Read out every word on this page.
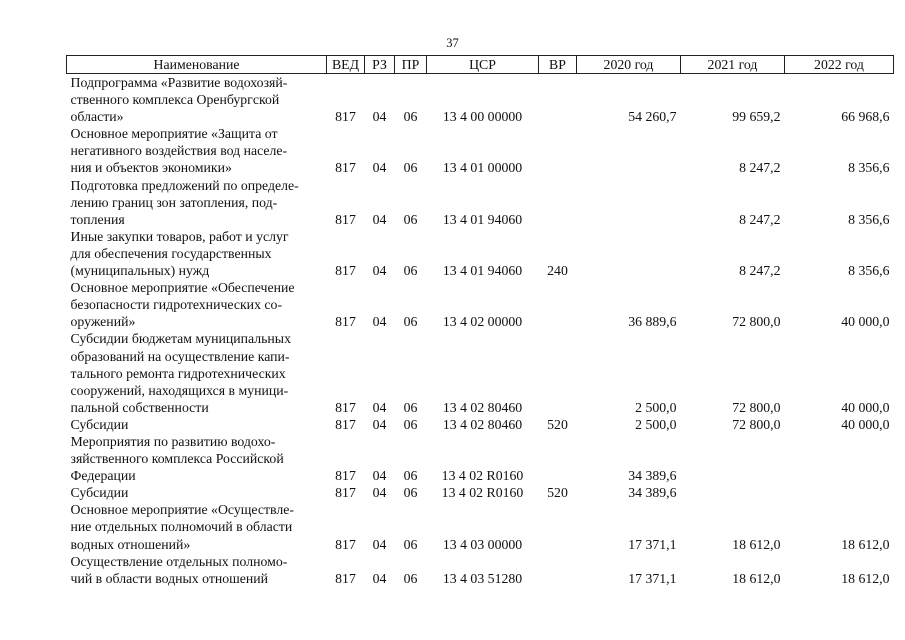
37
Наименование	ВЕД	РЗ	ПР	ЦСР	ВР	2020 год	2021 год	2022 год

Подпрограмма «Развитие водохозяй-
ственного комплекса Оренбургской
области»	817	04	06	13 4 00 00000		54 260,7	99 659,2	66 968,6

Основное мероприятие «Защита от
негативного воздействия вод населе-
ния и объектов экономики»	817	04	06	13 4 01 00000			8 247,2	8 356,6

Подготовка предложений по определе-
лению границ зон затопления, под-
топления	817	04	06	13 4 01 94060			8 247,2	8 356,6

Иные закупки товаров, работ и услуг
для обеспечения государственных
(муниципальных) нужд	817	04	06	13 4 01 94060	240		8 247,2	8 356,6

Основное мероприятие «Обеспечение
безопасности гидротехнических со-
оружений»	817	04	06	13 4 02 00000		36 889,6	72 800,0	40 000,0

Субсидии бюджетам муниципальных
образований на осуществление капи-
тального ремонта гидротехнических
сооружений, находящихся в муници-
пальной собственности	817	04	06	13 4 02 80460		2 500,0	72 800,0	40 000,0

Субсидии	817	04	06	13 4 02 80460	520	2 500,0	72 800,0	40 000,0

Мероприятия по развитию водохо-
зяйственного комплекса Российской
Федерации	817	04	06	13 4 02 R0160		34 389,6		

Субсидии	817	04	06	13 4 02 R0160	520	34 389,6		

Основное мероприятие «Осуществле-
ние отдельных полномочий в области
водных отношений»	817	04	06	13 4 03 00000		17 371,1	18 612,0	18 612,0

Осуществление отдельных полномо-
чий в области водных отношений	817	04	06	13 4 03 51280		17 371,1	18 612,0	18 612,0
